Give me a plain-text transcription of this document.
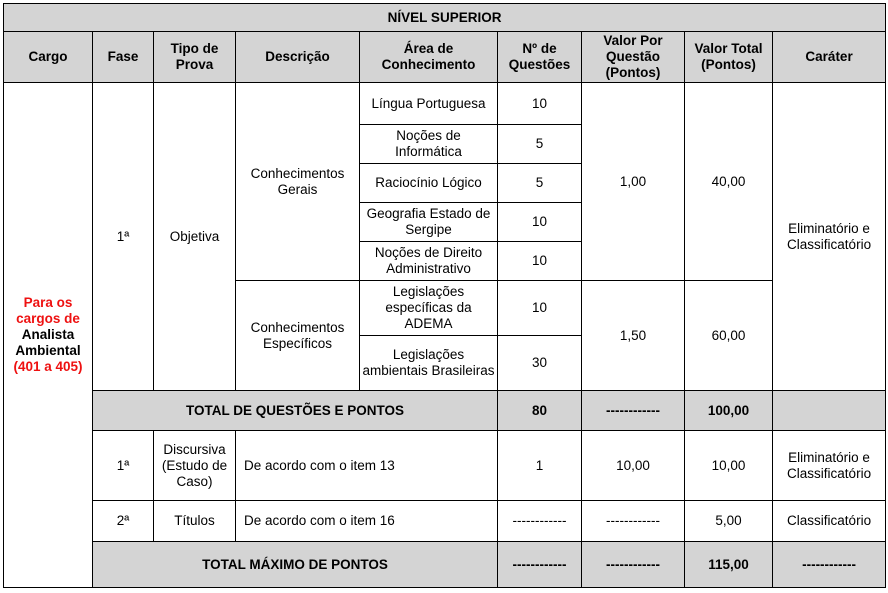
NÍVEL SUPERIOR								
Cargo	Fase	Tipo de Prova	Descrição	Área de Conhecimento	Nº de Questões	Valor Por Questão (Pontos)	Valor Total (Pontos)	Caráter
Para os cargos de
Analista Ambiental
(401 a 405)	1ª	Objetiva	Conhecimentos Gerais	Língua Portuguesa	10	1,00	40,00	Eliminatório e Classificatório
				Noções de Informática	5			
				Raciocínio Lógico	5			
				Geografia Estado de Sergipe	10			
				Noções de Direito Administrativo	10			
			Conhecimentos Específicos	Legislações específicas da ADEMA	10	1,50	60,00	
				Legislações ambientais Brasileiras	30			
	TOTAL DE QUESTÕES E PONTOS				80	------------	100,00	
	1ª	Discursiva (Estudo de Caso)	De acordo com o item 13		1	10,00	10,00	Eliminatório e Classificatório
	2ª	Títulos	De acordo com o item 16		------------	------------	5,00	Classificatório
	TOTAL MÁXIMO DE PONTOS				------------	------------	115,00	------------
